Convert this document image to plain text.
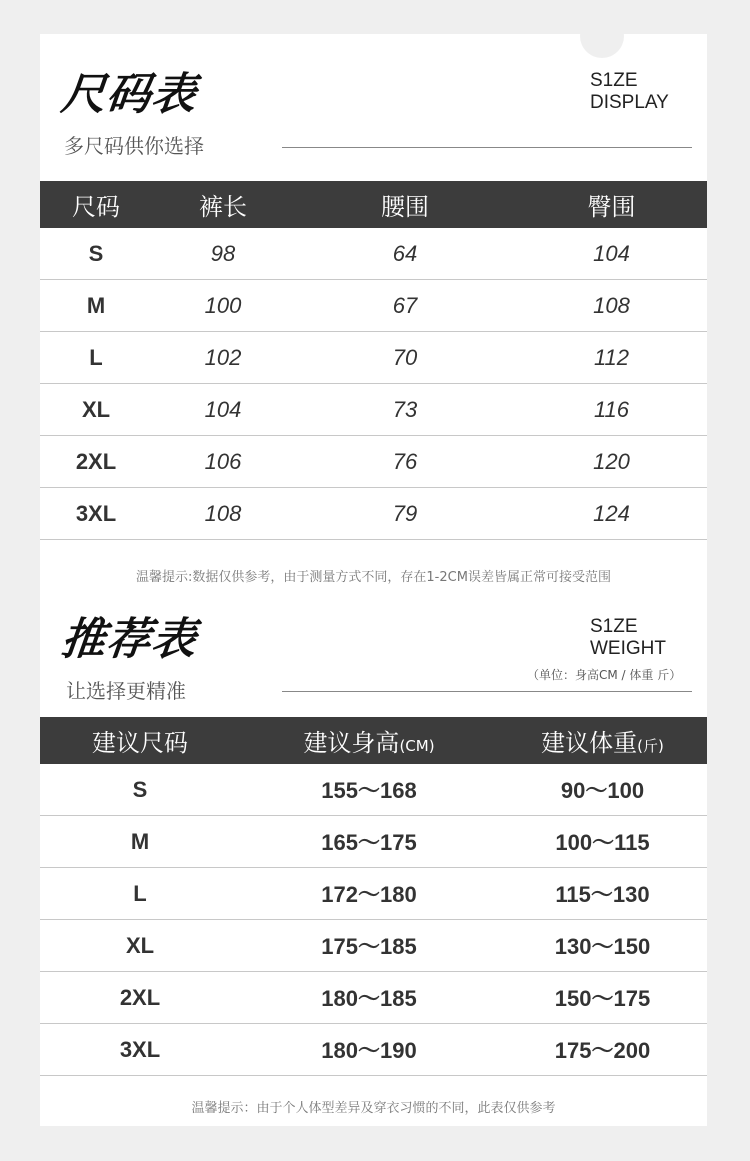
尺码表
多尺码供你选择
S1ZE
DISPLAY
尺码	裤长	腰围	臀围
S	98	64	104
M	100	67	108
L	102	70	112
XL	104	73	116
2XL	106	76	120
3XL	108	79	124
温馨提示:数据仅供参考，由于测量方式不同，存在1-2CM误差皆属正常可接受范围
推荐表
让选择更精准
S1ZE
WEIGHT
（单位：身高CM / 体重 斤）
建议尺码	建议身高(CM)	建议体重(斤)
S	155～168	90～100
M	165～175	100～115
L	172～180	115～130
XL	175～185	130～150
2XL	180～185	150～175
3XL	180～190	175～200
温馨提示：由于个人体型差异及穿衣习惯的不同，此表仅供参考
